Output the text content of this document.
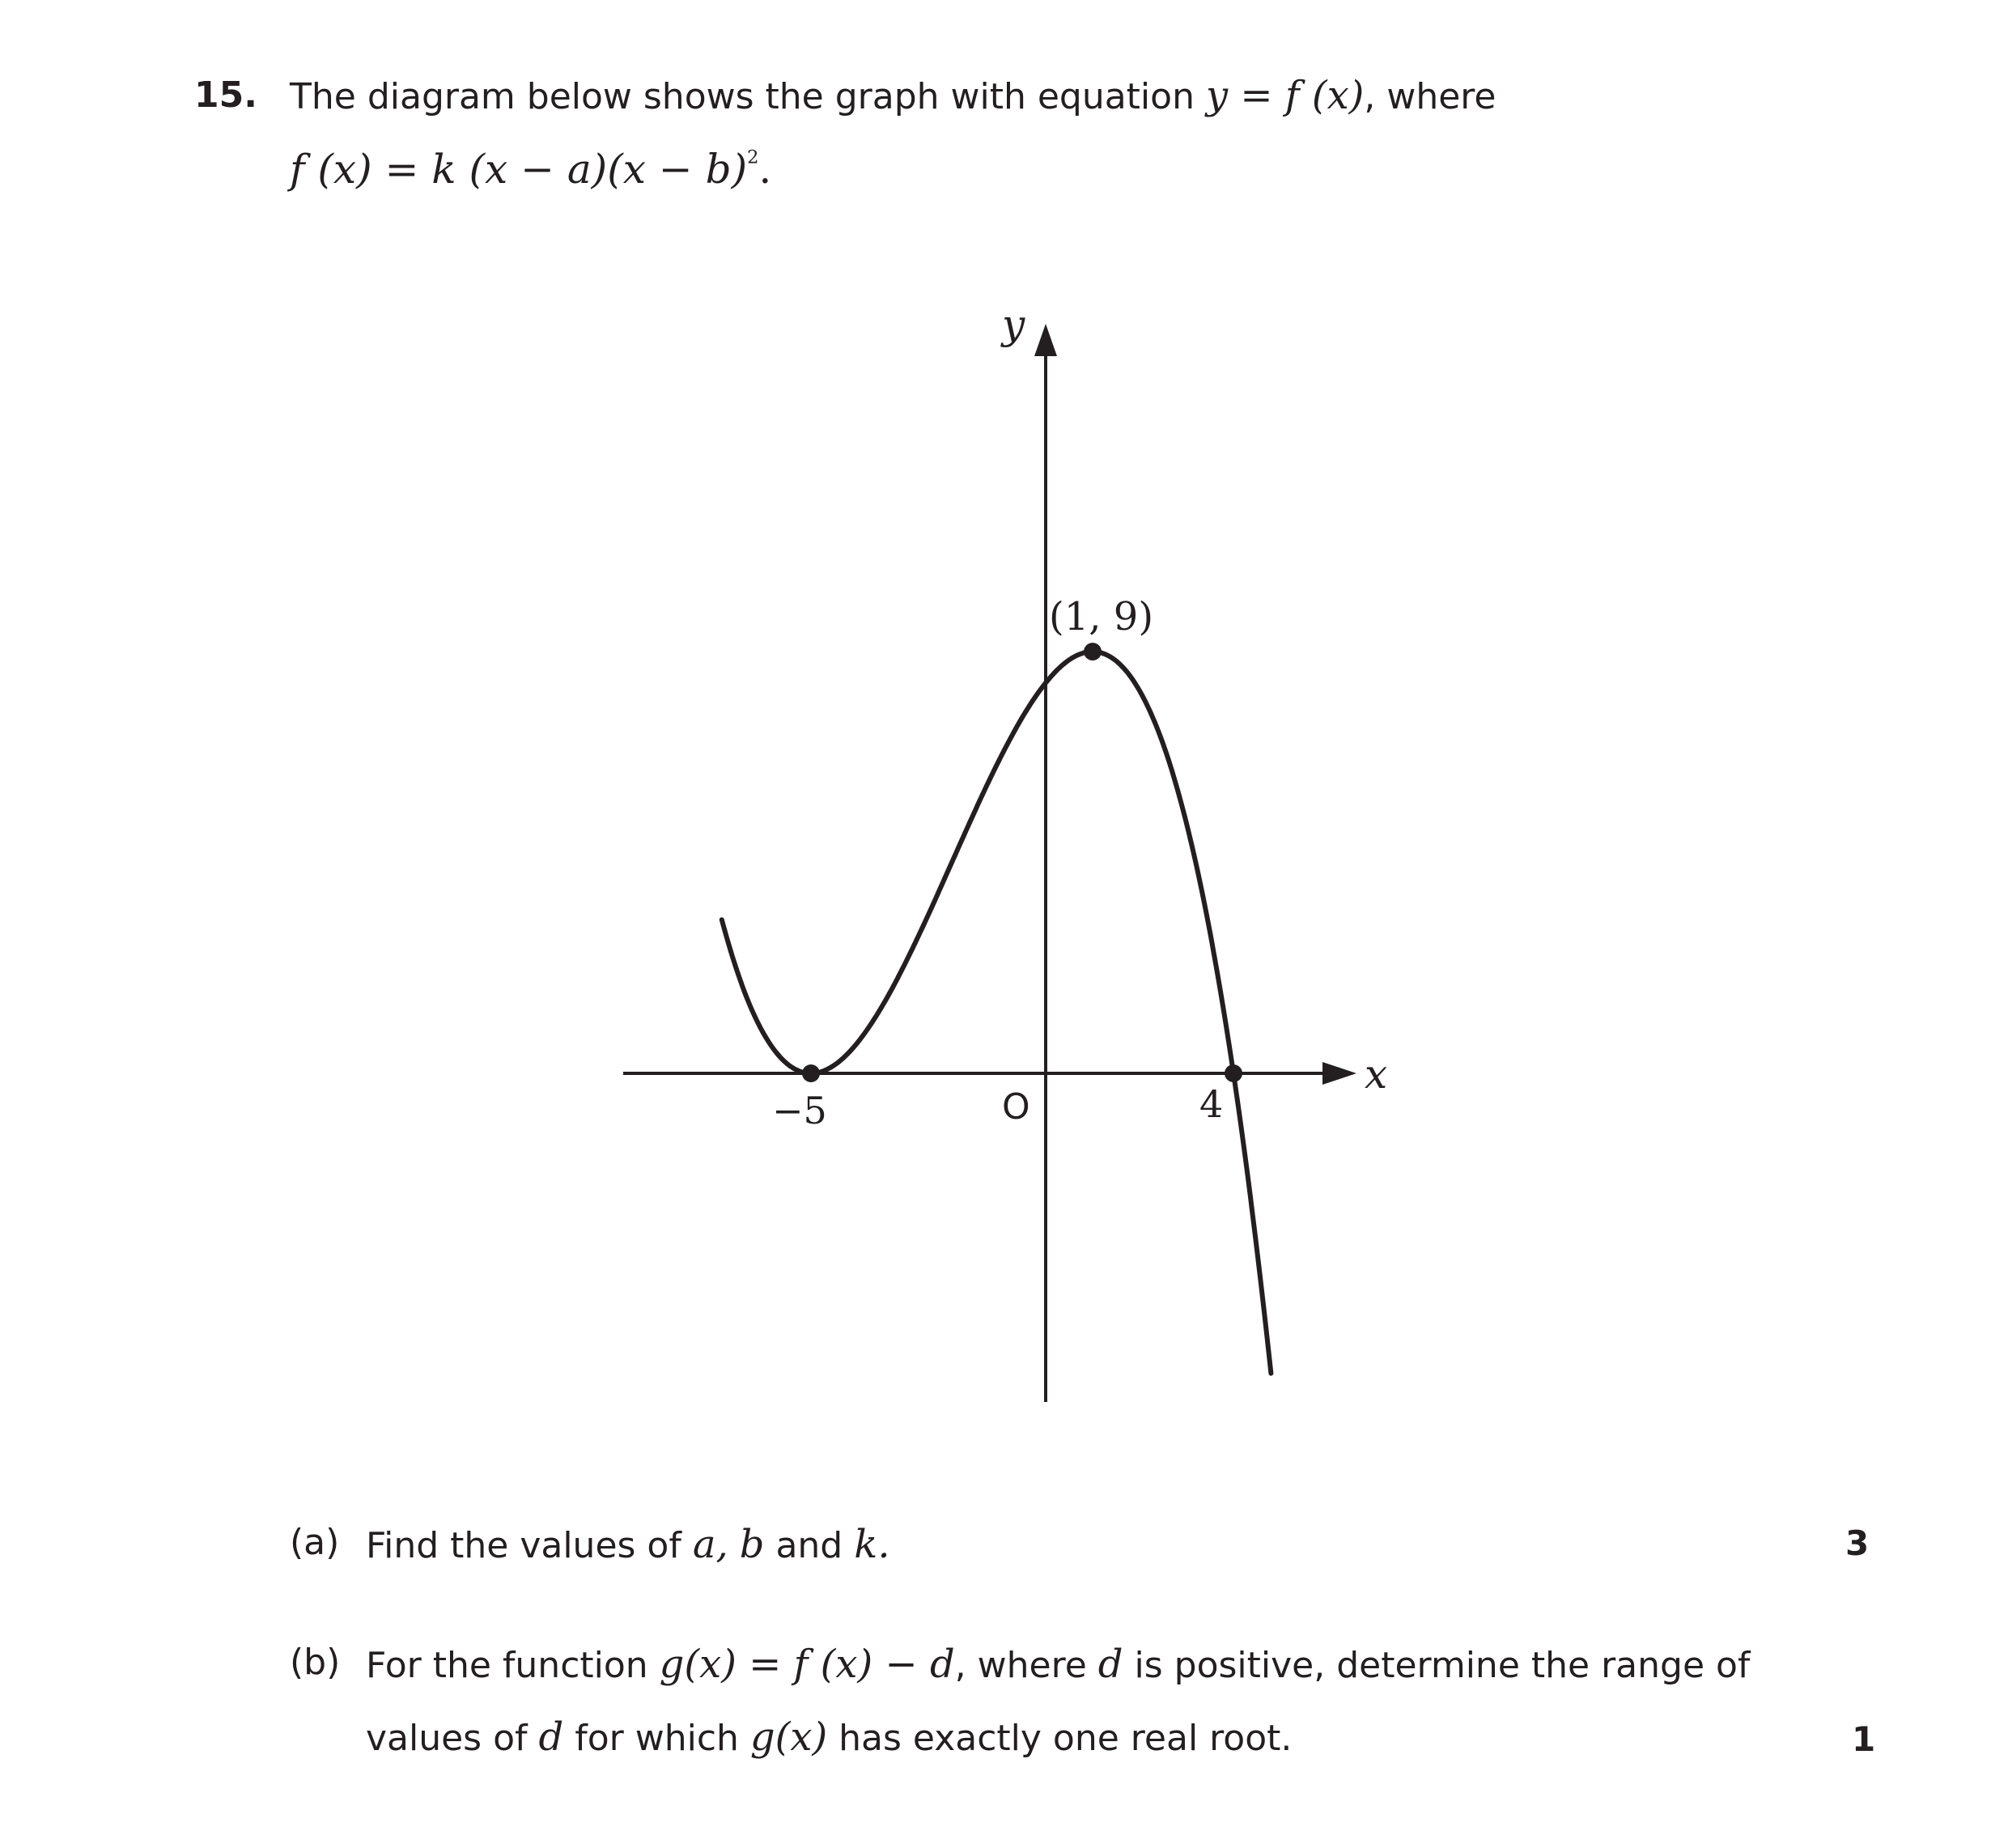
15. The diagram below shows the graph with equation y = f (x), where
f (x) = k $(x - a)(x - b)^2$.
y
x
O
−5	4
(1, 9)
(a) Find the values of a, b and k.	3
(b) For the function g(x) = f (x) − d, where d is positive, determine the range of
values of d for which g(x) has exactly one real root.	1
